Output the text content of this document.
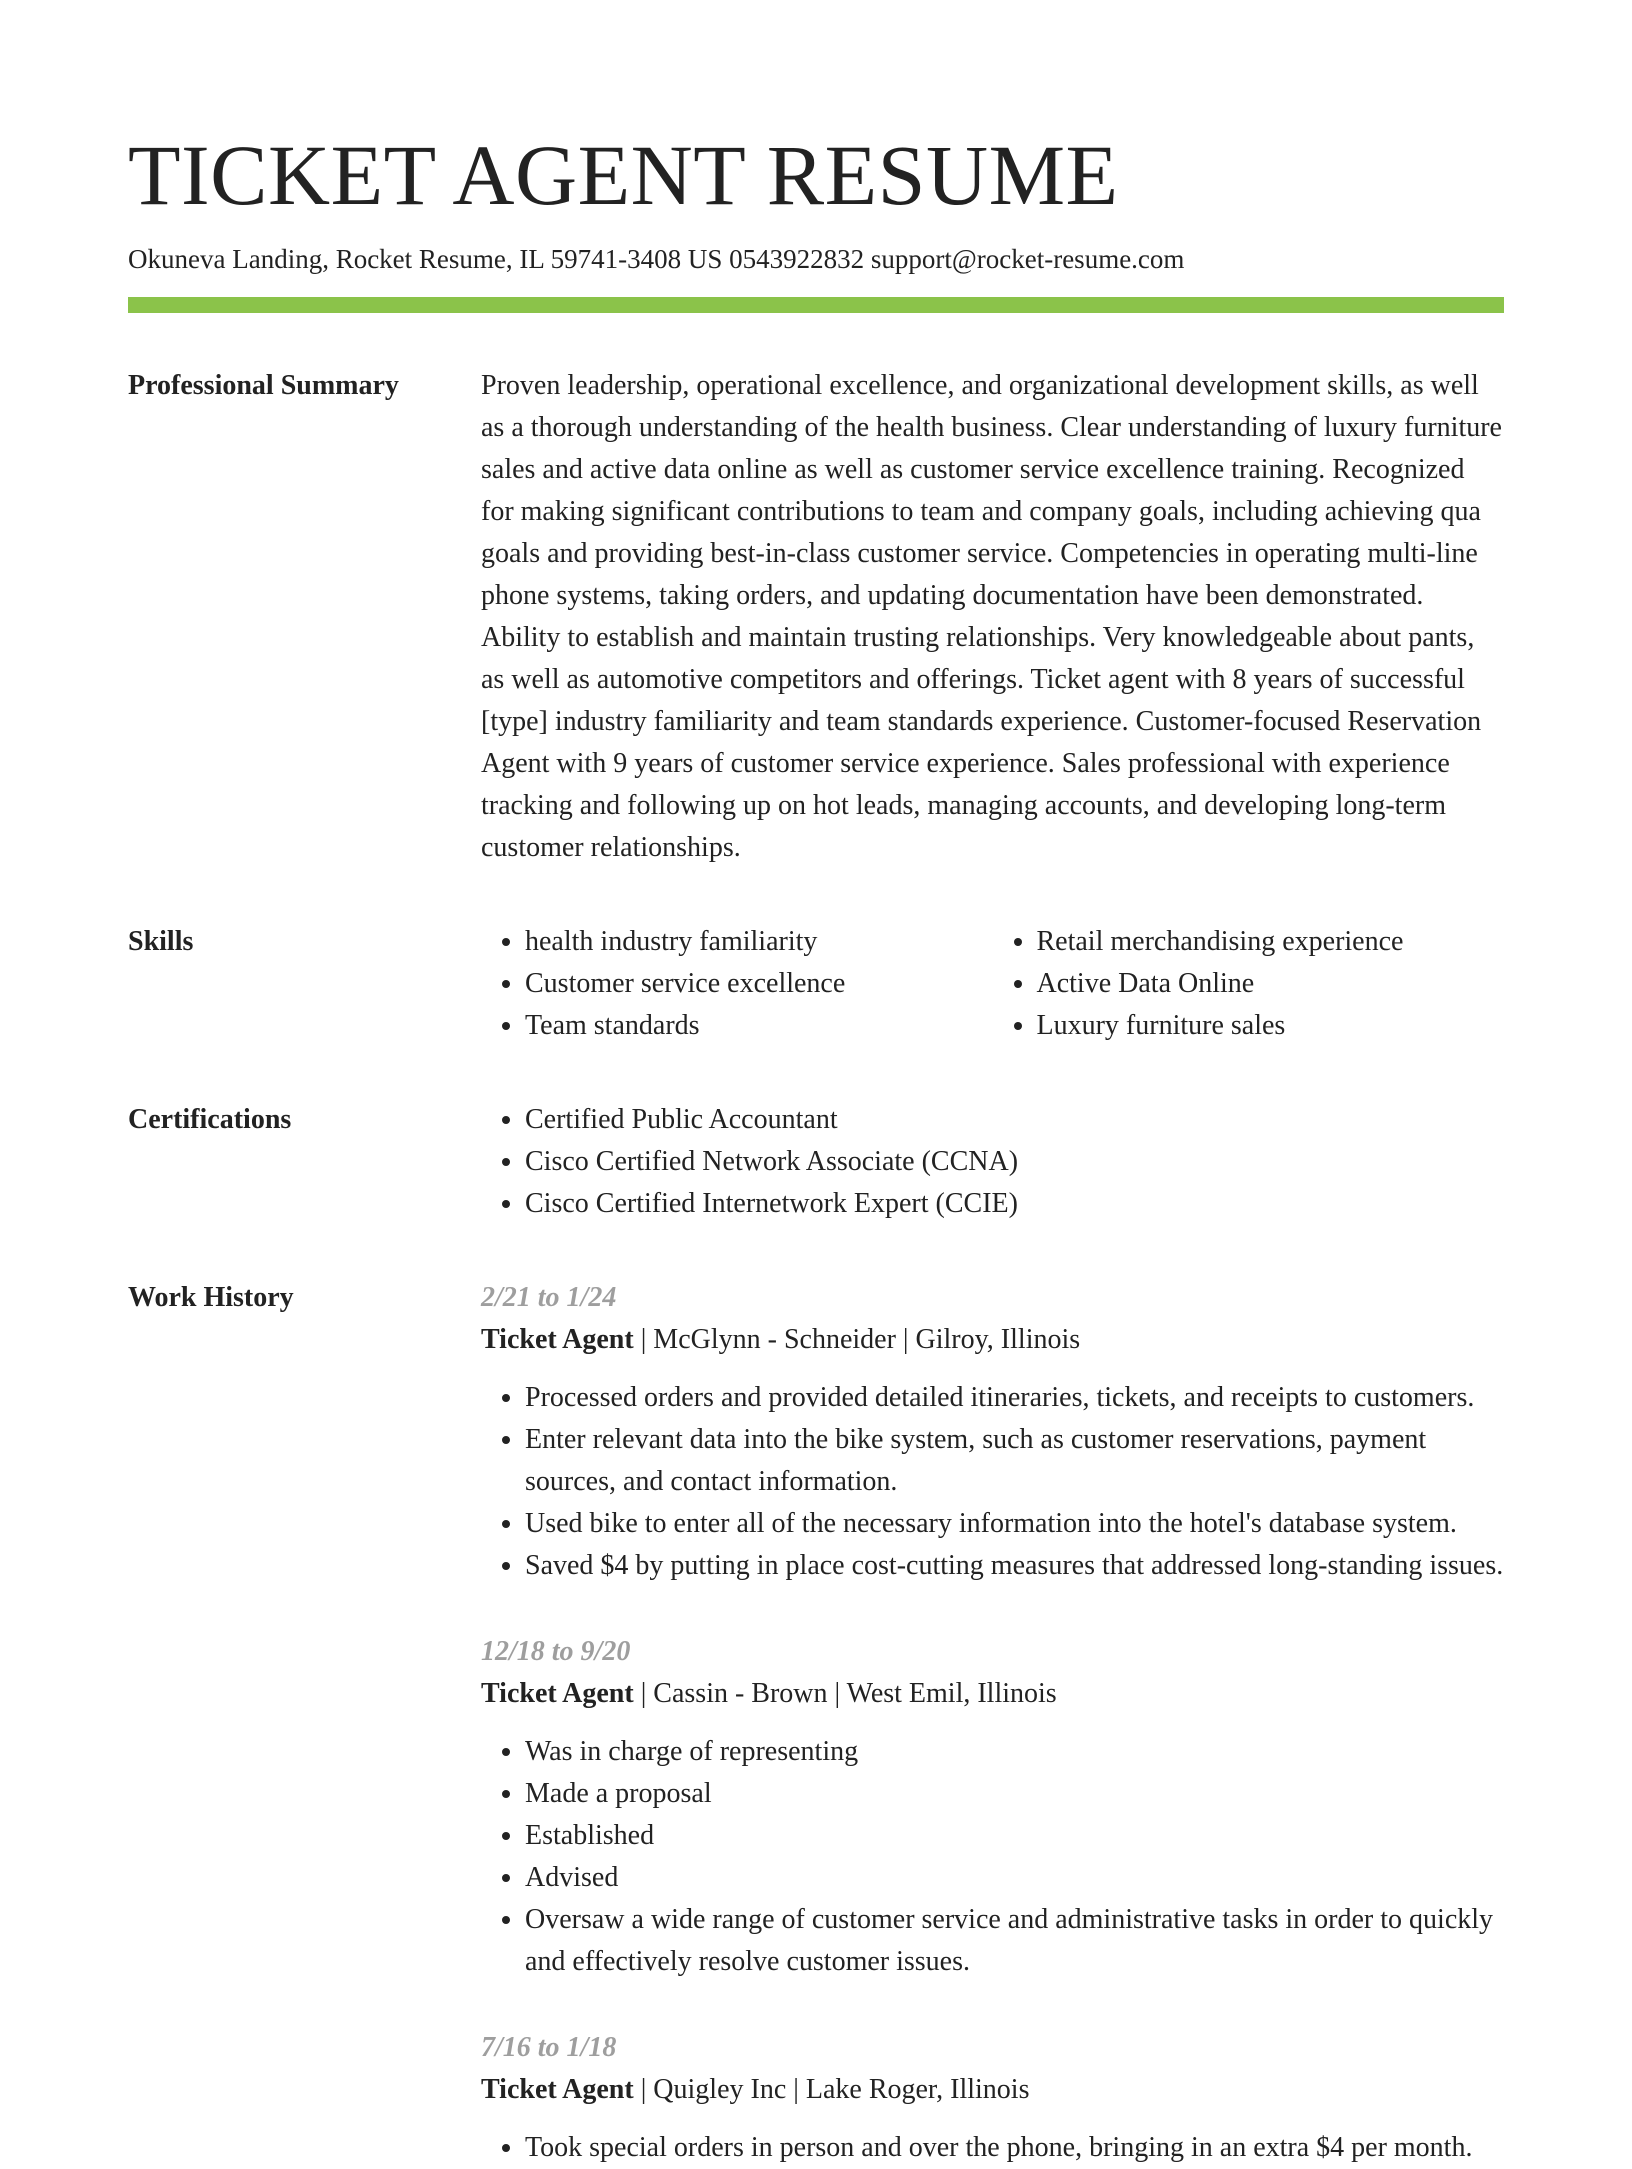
TICKET AGENT RESUME
Okuneva Landing, Rocket Resume, IL 59741-3408 US 0543922832 support@rocket-resume.com
Professional Summary	Proven leadership, operational excellence, and organizational development skills, as well as a thorough understanding of the health business. Clear understanding of luxury furniture sales and active data online as well as customer service excellence training. Recognized for making significant contributions to team and company goals, including achieving qua goals and providing best-in-class customer service. Competencies in operating multi-line phone systems, taking orders, and updating documentation have been demonstrated. Ability to establish and maintain trusting relationships. Very knowledgeable about pants, as well as automotive competitors and offerings. Ticket agent with 8 years of successful [type] industry familiarity and team standards experience. Customer-focused Reservation Agent with 9 years of customer service experience. Sales professional with experience tracking and following up on hot leads, managing accounts, and developing long-term customer relationships.

Skills	• health industry familiarity
• Customer service excellence
• Team standards
• Retail merchandising experience
• Active Data Online
• Luxury furniture sales
Certifications	• Certified Public Accountant
• Cisco Certified Network Associate (CCNA)
• Cisco Certified Internetwork Expert (CCIE)
Work History	2/21 to 1/24
Ticket Agent | McGlynn - Schneider | Gilroy, Illinois
• Processed orders and provided detailed itineraries, tickets, and receipts to customers.
• Enter relevant data into the bike system, such as customer reservations, payment sources, and contact information.
• Used bike to enter all of the necessary information into the hotel's database system.
• Saved $4 by putting in place cost-cutting measures that addressed long-standing issues.
12/18 to 9/20
Ticket Agent | Cassin - Brown | West Emil, Illinois
• Was in charge of representing
• Made a proposal
• Established
• Advised
• Oversaw a wide range of customer service and administrative tasks in order to quickly and effectively resolve customer issues.
7/16 to 1/18
Ticket Agent | Quigley Inc | Lake Roger, Illinois
• Took special orders in person and over the phone, bringing in an extra $4 per month.
